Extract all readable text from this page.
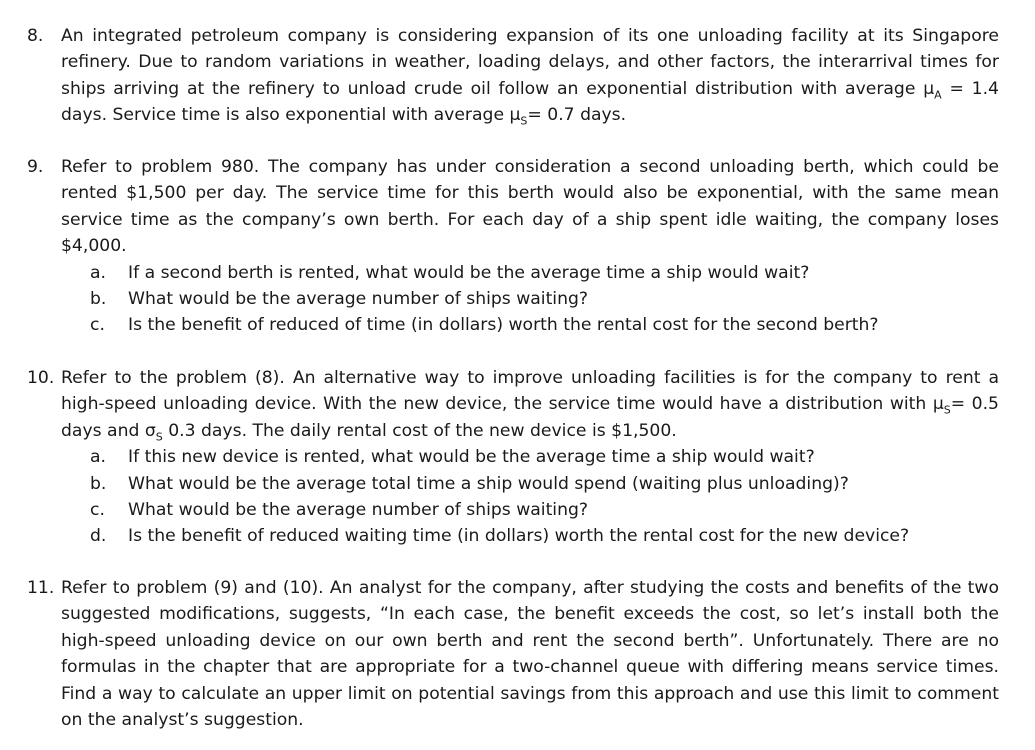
8.	An integrated petroleum company is considering expansion of its one unloading facility at its Singapore refinery. Due to random variations in weather, loading delays, and other factors, the interarrival times for ships arriving at the refinery to unload crude oil follow an exponential distribution with average $\mu_A = 1.4$ days. Service time is also exponential with average $\mu_S= 0.7$ days.
9.	Refer to problem 980. The company has under consideration a second unloading berth, which could be rented $1,500 per day. The service time for this berth would also be exponential, with the same mean service time as the company’s own berth. For each day of a ship spent idle waiting, the company loses $4,000.
a. If a second berth is rented, what would be the average time a ship would wait?
b. What would be the average number of ships waiting?
c. Is the benefit of reduced of time (in dollars) worth the rental cost for the second berth?
10. Refer to the problem (8). An alternative way to improve unloading facilities is for the company to rent a high-speed unloading device. With the new device, the service time would have a distribution with $\mu_S= 0.5$ days and $\sigma_S$ 0.3 days. The daily rental cost of the new device is $1,500.
a. If this new device is rented, what would be the average time a ship would wait?
b. What would be the average total time a ship would spend (waiting plus unloading)?
c. What would be the average number of ships waiting?
d. Is the benefit of reduced waiting time (in dollars) worth the rental cost for the new device?
11. Refer to problem (9) and (10). An analyst for the company, after studying the costs and benefits of the two suggested modifications, suggests, “In each case, the benefit exceeds the cost, so let’s install both the high-speed unloading device on our own berth and rent the second berth”. Unfortunately. There are no formulas in the chapter that are appropriate for a two-channel queue with differing means service times. Find a way to calculate an upper limit on potential savings from this approach and use this limit to comment on the analyst’s suggestion.
